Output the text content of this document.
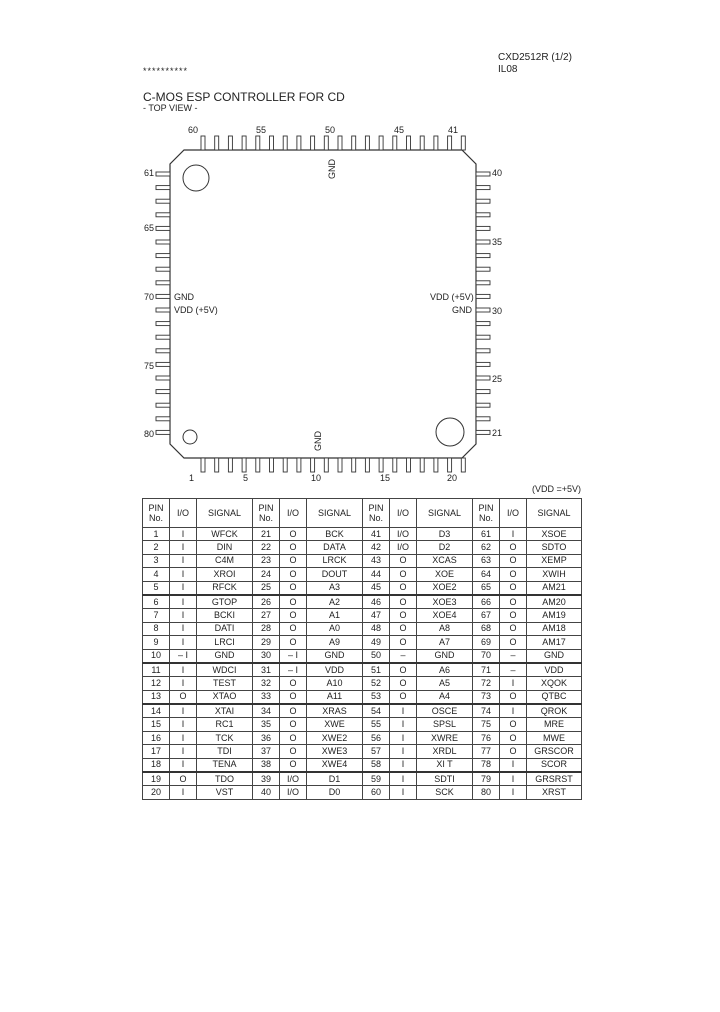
CXD2512R (1/2)
IL08
**********
C-MOS ESP CONTROLLER FOR CD
- TOP VIEW -
60	55	50	45	41
1	5	10	15	20
61
65
70
75
80
40
35
30
25
21
GND
GND
GND
VDD (+5V)
VDD (+5V)
GND
(VDD =+5V)
PIN No.	I/O	SIGNAL	PIN No.	I/O	SIGNAL	PIN No.	I/O	SIGNAL	PIN No.	I/O	SIGNAL
1	I	WFCK	21	O	BCK	41	I/O	D3	61	I	XSOE
2	I	DIN	22	O	DATA	42	I/O	D2	62	O	SDTO
3	I	C4M	23	O	LRCK	43	O	XCAS	63	O	XEMP
4	I	XROI	24	O	DOUT	44	O	XOE	64	O	XWIH
5	I	RFCK	25	O	A3	45	O	XOE2	65	O	AM21
6	I	GTOP	26	O	A2	46	O	XOE3	66	O	AM20
7	I	BCKI	27	O	A1	47	O	XOE4	67	O	AM19
8	I	DATI	28	O	A0	48	O	A8	68	O	AM18
9	I	LRCI	29	O	A9	49	O	A7	69	O	AM17
10	– I	GND	30	– I	GND	50	–	GND	70	–	GND
11	I	WDCI	31	– I	VDD	51	O	A6	71	–	VDD
12	I	TEST	32	O	A10	52	O	A5	72	I	XQOK
13	O	XTAO	33	O	A11	53	O	A4	73	O	QTBC
14	I	XTAI	34	O	XRAS	54	I	OSCE	74	I	QROK
15	I	RC1	35	O	XWE	55	I	SPSL	75	O	MRE
16	I	TCK	36	O	XWE2	56	I	XWRE	76	O	MWE
17	I	TDI	37	O	XWE3	57	I	XRDL	77	O	GRSCOR
18	I	TENA	38	O	XWE4	58	I	XI T	78	I	SCOR
19	O	TDO	39	I/O	D1	59	I	SDTI	79	I	GRSRST
20	I	VST	40	I/O	D0	60	I	SCK	80	I	XRST
